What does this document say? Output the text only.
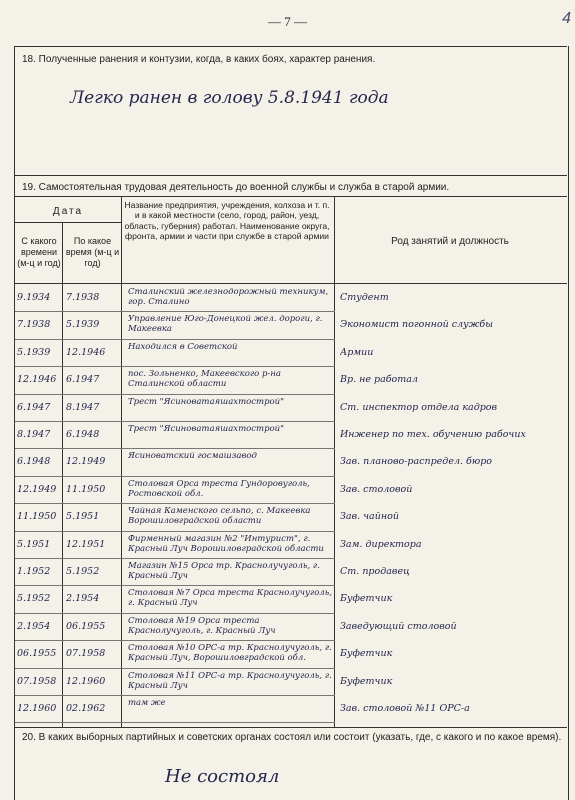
— 7 —	4
18. Полученные ранения и контузии, когда, в каких боях, характер ранения.
Легко ранен в голову 5.8.1941 года
19. Самостоятельная трудовая деятельность до военной службы и служба в старой армии.
Дата
С какого времени (м-ц и год)
По какое время (м-ц и год)
Название предприятия, учреждения, колхоза и т. п. и в какой местности (село, город, район, уезд, область, губерния) работал. Наименование округа, фронта, армии и части при службе в старой армии
Род занятий и должность
9.1934	7.1938	Сталинский железнодорожный техникум, гор. Сталино	Студент
7.1938	5.1939	Управление Юго-Донецкой жел. дороги, г. Макеевка	Экономист погонной службы
5.1939	12.1946	Находился в Советской	Армии
12.1946	6.1947	пос. Зольненко, Макеевского р-на Сталинской области	Вр. не работал
6.1947	8.1947	Трест "Ясиноватаяшахтострой"	Ст. инспектор отдела кадров
8.1947	6.1948	Трест "Ясиноватаяшахтострой"	Инженер по тех. обучению рабочих
6.1948	12.1949	Ясиноватский госмашзавод	Зав. планово-распредел. бюро
12.1949	11.1950	Столовая Орса треста Гундоровуголь, Ростовской обл.	Зав. столовой
11.1950	5.1951	Чайная Каменского сельпо, с. Макеевка Ворошиловградской области	Зав. чайной
5.1951	12.1951	Фирменный магазин №2 "Интурист", г. Красный Луч Ворошиловградской области	Зам. директора
1.1952	5.1952	Магазин №15 Орса тр. Краснолучуголь, г. Красный Луч	Ст. продавец
5.1952	2.1954	Столовая №7 Орса треста Краснолучуголь, г. Красный Луч	Буфетчик
2.1954	06.1955	Столовая №19 Орса треста Краснолучуголь, г. Красный Луч	Заведующий столовой
06.1955	07.1958	Столовая №10 ОРС-а тр. Краснолучуголь, г. Красный Луч, Ворошиловградской обл.	Буфетчик
07.1958	12.1960	Столовая №11 ОРС-а тр. Краснолучуголь, г. Красный Луч	Буфетчик
12.1960	02.1962	там же	Зав. столовой №11 ОРС-а
20. В каких выборных партийных и советских органах состоял или состоит (указать, где, с какого и по какое время).
Не состоял
